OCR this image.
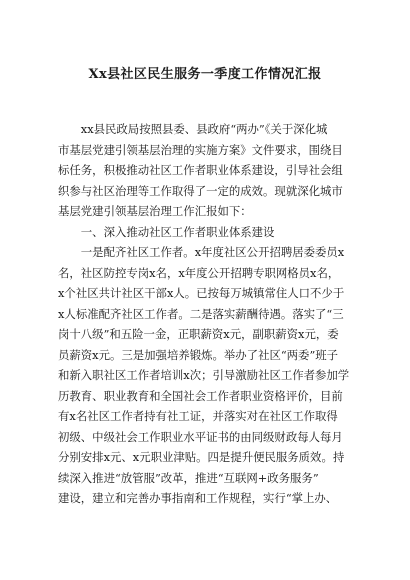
Xx县社区民生服务一季度工作情况汇报
　　xx县民政局按照县委、县政府“两办”《关于深化城
市基层党建引领基层治理的实施方案》文件要求，围绕目
标任务，积极推动社区工作者职业体系建设，引导社会组
织参与社区治理等工作取得了一定的成效。现就深化城市
基层党建引领基层治理工作汇报如下：
　　一、深入推动社区工作者职业体系建设
　　一是配齐社区工作者。x年度社区公开招聘居委委员x
名，社区防控专岗x名，x年度公开招聘专职网格员x名，
x个社区共计社区干部x人。已按每万城镇常住人口不少于
x人标准配齐社区工作者。二是落实薪酬待遇。落实了“三
岗十八级”和五险一金，正职薪资x元，副职薪资x元，委
员薪资x元。三是加强培养锻炼。举办了社区“两委”班子
和新入职社区工作者培训x次；引导激励社区工作者参加学
历教育、职业教育和全国社会工作者职业资格评价，目前
有x名社区工作者持有社工证，并落实对在社区工作取得
初级、中级社会工作职业水平证书的由同级财政每人每月
分别安排x元、x元职业津贴。四是提升便民服务质效。持
续深入推进“放管服”改革，推进“互联网+政务服务”
建设，建立和完善办事指南和工作规程，实行“掌上办、
